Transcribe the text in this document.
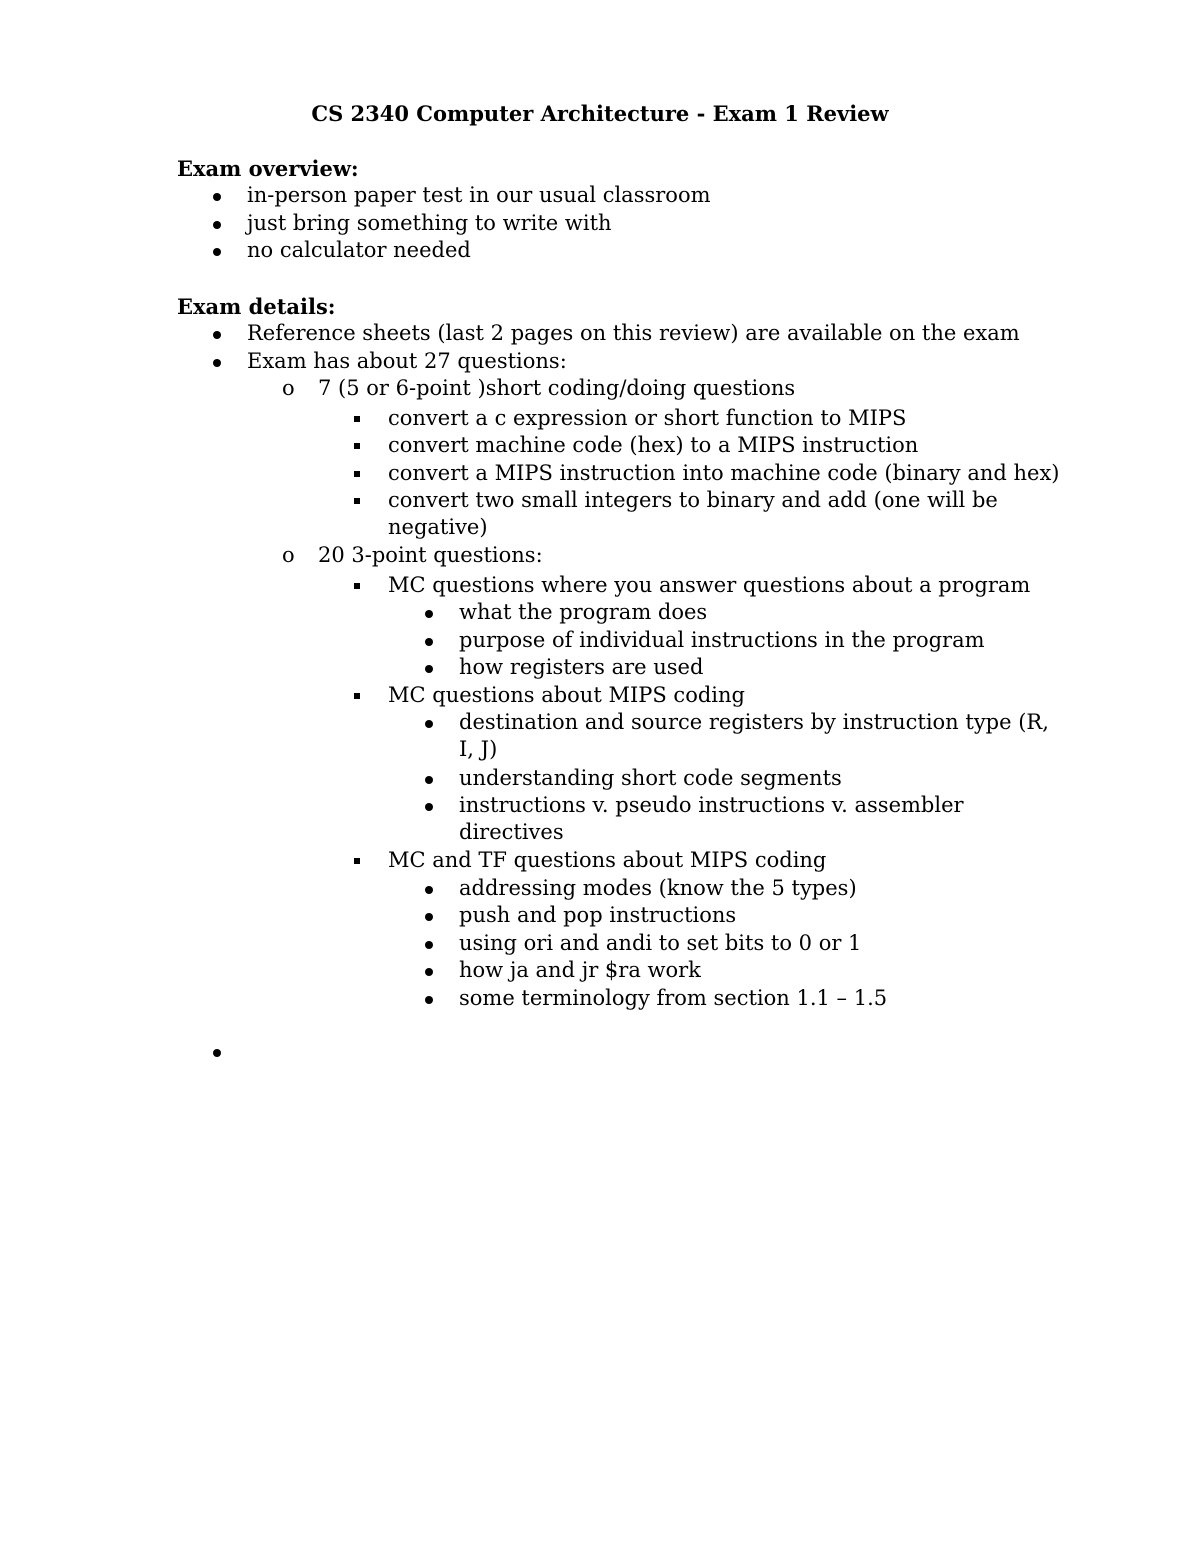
CS 2340 Computer Architecture - Exam 1 Review
Exam overview:
in-person paper test in our usual classroom
just bring something to write with
no calculator needed
Exam details:
Reference sheets (last 2 pages on this review) are available on the exam
Exam has about 27 questions:
o 7 (5 or 6-point )short coding/doing questions
convert a c expression or short function to MIPS
convert machine code (hex) to a MIPS instruction
convert a MIPS instruction into machine code (binary and hex)
convert two small integers to binary and add (one will be
negative)
o 20 3-point questions:
MC questions where you answer questions about a program
what the program does
purpose of individual instructions in the program
how registers are used
MC questions about MIPS coding
destination and source registers by instruction type (R,
I, J)
understanding short code segments
instructions v. pseudo instructions v. assembler
directives
MC and TF questions about MIPS coding
addressing modes (know the 5 types)
push and pop instructions
using ori and andi to set bits to 0 or 1
how ja and jr $ra work
some terminology from section 1.1 – 1.5
